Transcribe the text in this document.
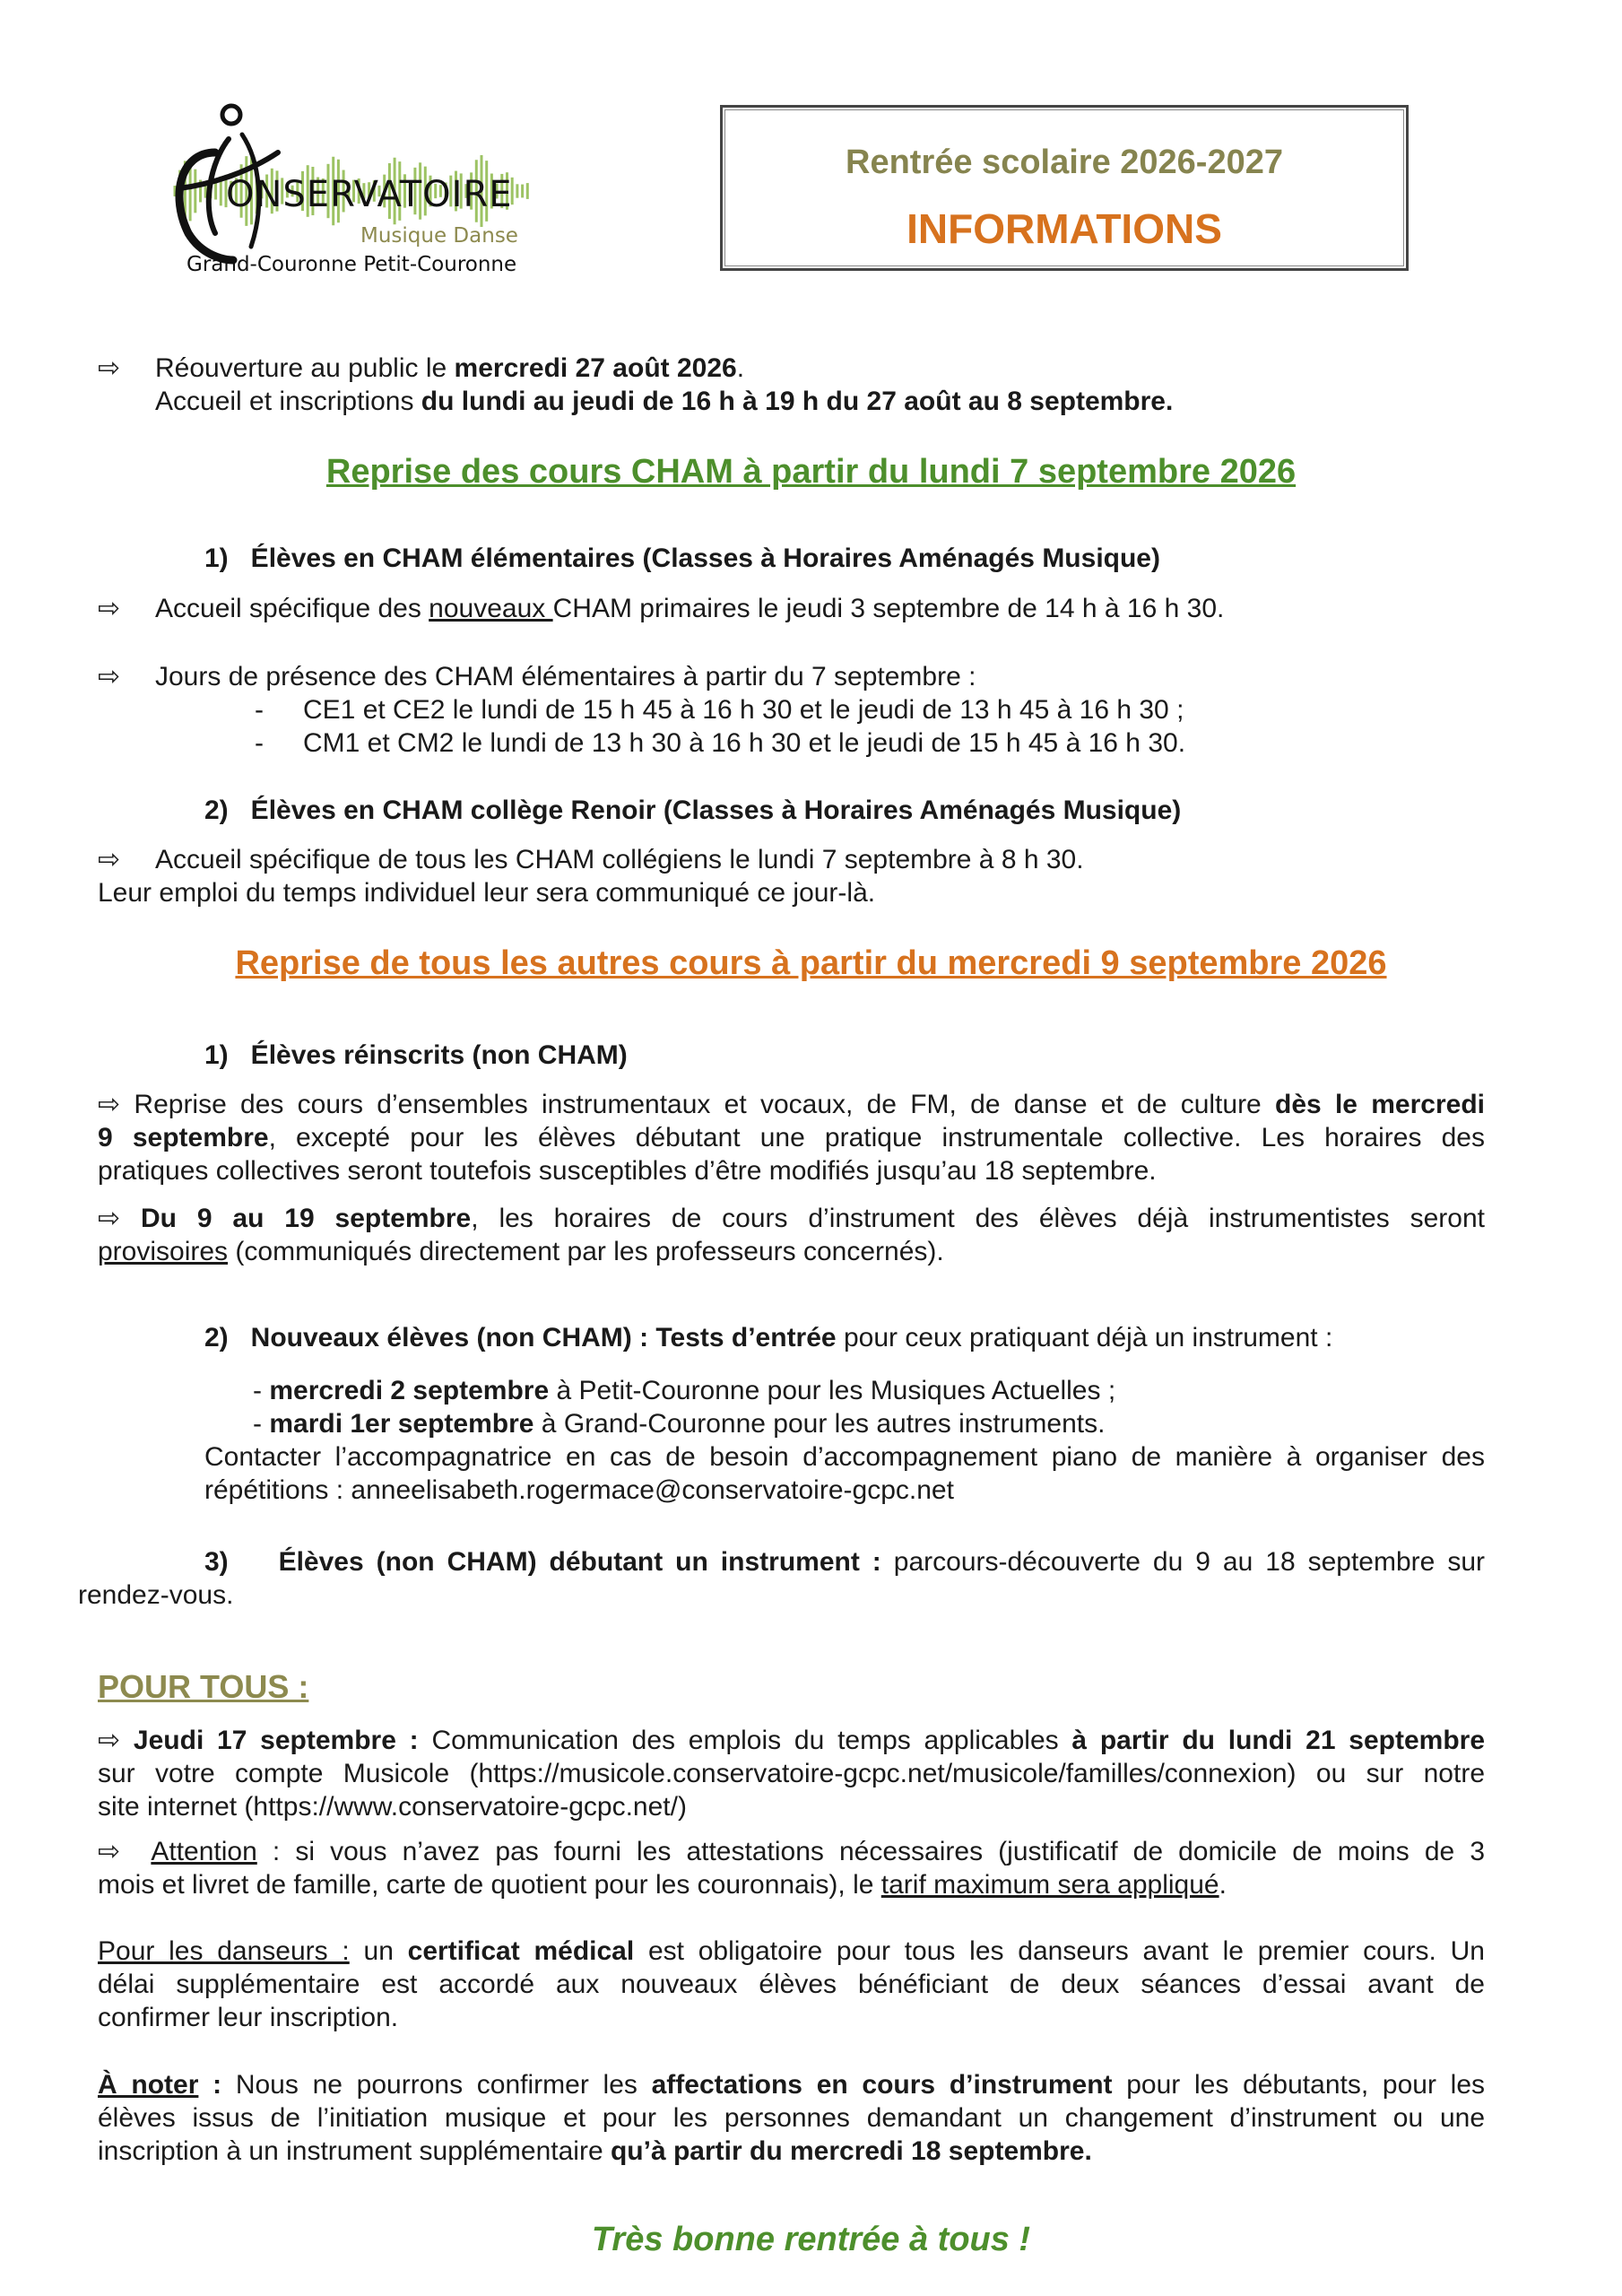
ONSERVATOIRE
Musique Danse
Grand-Couronne Petit-Couronne
Rentrée scolaire 2026-2027
INFORMATIONS
⇨ Réouverture au public le mercredi 27 août 2026.
Accueil et inscriptions du lundi au jeudi de 16 h à 19 h du 27 août au 8 septembre.
Reprise des cours CHAM à partir du lundi 7 septembre 2026
1)   Élèves en CHAM élémentaires (Classes à Horaires Aménagés Musique)
⇨ Accueil spécifique des nouveaux CHAM primaires le jeudi 3 septembre de 14 h à 16 h 30.
⇨ Jours de présence des CHAM élémentaires à partir du 7 septembre :
- CE1 et CE2 le lundi de 15 h 45 à 16 h 30 et le jeudi de 13 h 45 à 16 h 30 ;
- CM1 et CM2 le lundi de 13 h 30 à 16 h 30 et le jeudi de 15 h 45 à 16 h 30.
2)   Élèves en CHAM collège Renoir (Classes à Horaires Aménagés Musique)
⇨ Accueil spécifique de tous les CHAM collégiens le lundi 7 septembre à 8 h 30.
Leur emploi du temps individuel leur sera communiqué ce jour-là.
Reprise de tous les autres cours à partir du mercredi 9 septembre 2026
1)   Élèves réinscrits (non CHAM)
⇨ Reprise des cours d’ensembles instrumentaux et vocaux, de FM, de danse et de culture dès le mercredi
9 septembre, excepté pour les élèves débutant une pratique instrumentale collective. Les horaires des
pratiques collectives seront toutefois susceptibles d’être modifiés jusqu’au 18 septembre.
⇨ Du 9 au 19 septembre, les horaires de cours d’instrument des élèves déjà instrumentistes seront
provisoires (communiqués directement par les professeurs concernés).
2)   Nouveaux élèves (non CHAM) : Tests d’entrée pour ceux pratiquant déjà un instrument :
- mercredi 2 septembre à Petit-Couronne pour les Musiques Actuelles ;
- mardi 1er septembre à Grand-Couronne pour les autres instruments.
Contacter l’accompagnatrice en cas de besoin d’accompagnement piano de manière à organiser des
répétitions : anneelisabeth.rogermace@conservatoire-gcpc.net
3)    Élèves (non CHAM) débutant un instrument : parcours-découverte du 9 au 18 septembre sur
rendez-vous.
POUR TOUS :
⇨ Jeudi 17 septembre : Communication des emplois du temps applicables à partir du lundi 21 septembre
sur votre compte Musicole (https://musicole.conservatoire-gcpc.net/musicole/familles/connexion) ou sur notre
site internet (https://www.conservatoire-gcpc.net/)
⇨ Attention : si vous n’avez pas fourni les attestations nécessaires (justificatif de domicile de moins de 3
mois et livret de famille, carte de quotient pour les couronnais), le tarif maximum sera appliqué.
Pour les danseurs : un certificat médical est obligatoire pour tous les danseurs avant le premier cours. Un
délai supplémentaire est accordé aux nouveaux élèves bénéficiant de deux séances d’essai avant de
confirmer leur inscription.
À noter : Nous ne pourrons confirmer les affectations en cours d’instrument pour les débutants, pour les
élèves issus de l’initiation musique et pour les personnes demandant un changement d’instrument ou une
inscription à un instrument supplémentaire qu’à partir du mercredi 18 septembre.
Très bonne rentrée à tous !
